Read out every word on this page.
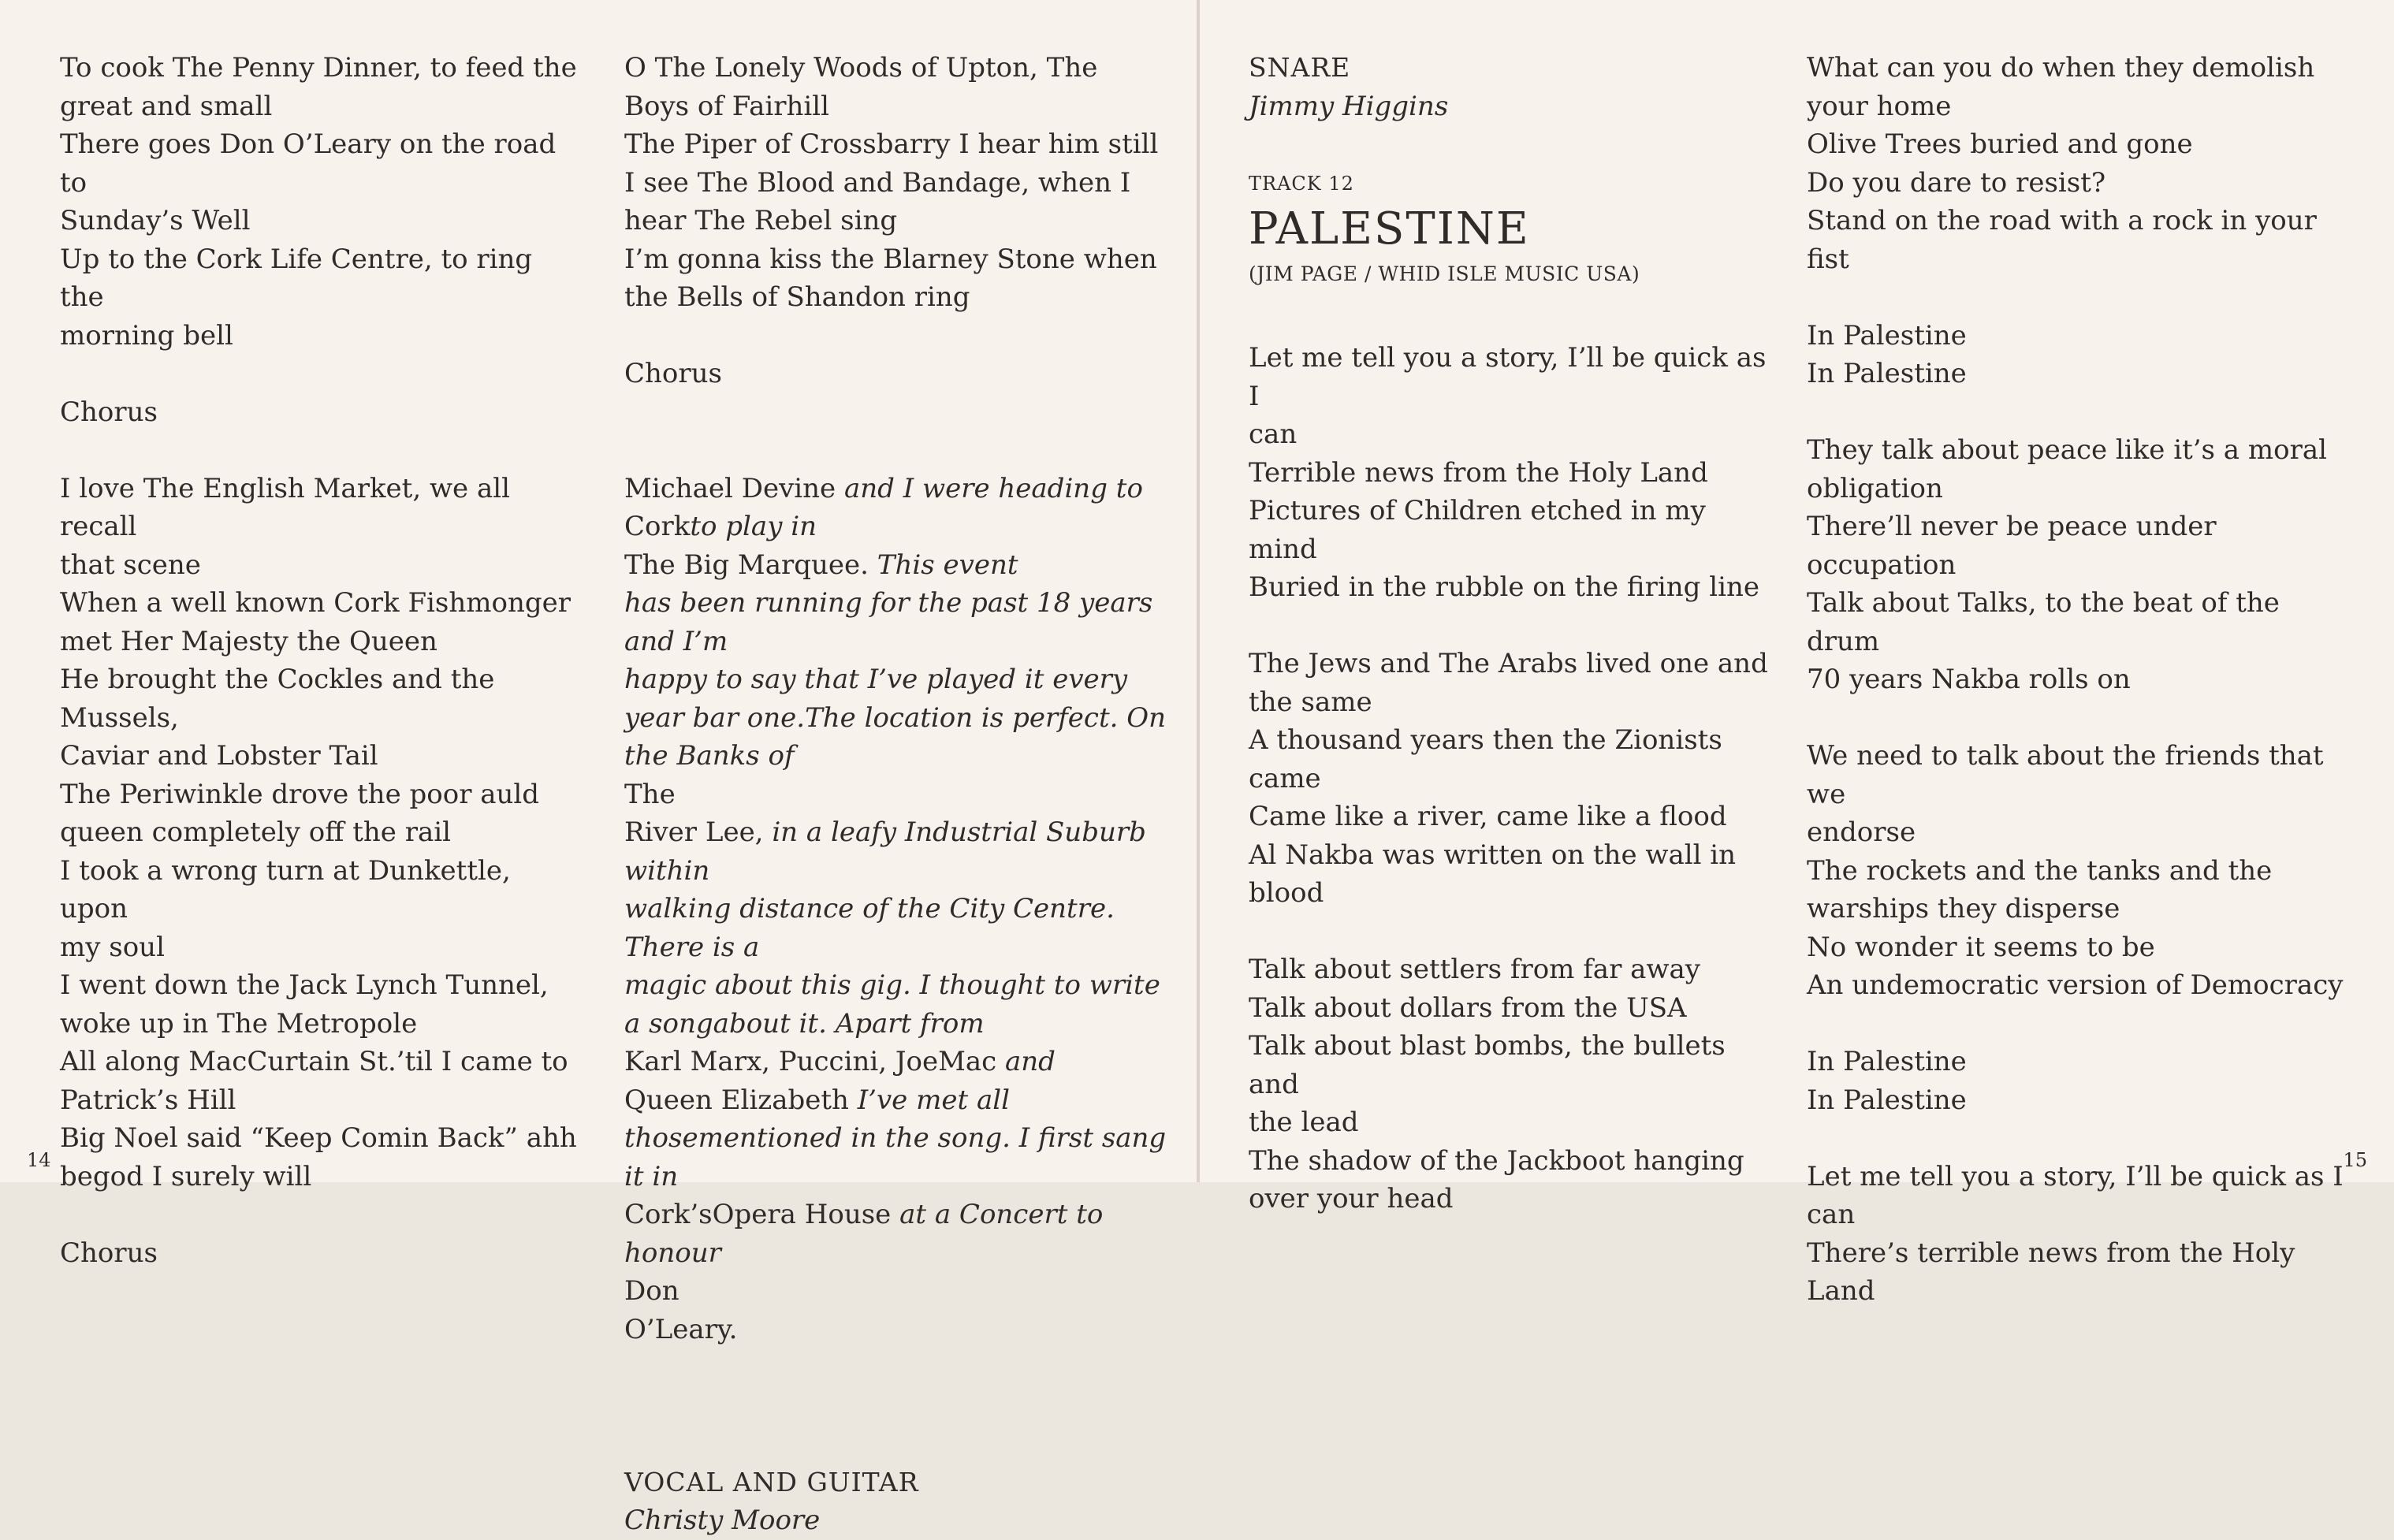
To cook The Penny Dinner, to feed the

great and small

There goes Don O’Leary on the road to

Sunday’s Well

Up to the Cork Life Centre, to ring the

morning bell

Chorus

I love The English Market, we all recall

that scene

When a well known Cork Fishmonger

met Her Majesty the Queen

He brought the Cockles and the Mussels,

Caviar and Lobster Tail

The Periwinkle drove the poor auld

queen completely off the rail

I took a wrong turn at Dunkettle, upon

my soul

I went down the Jack Lynch Tunnel,

woke up in The Metropole

All along MacCurtain St.’til I came to

Patrick’s Hill

Big Noel said “Keep Comin Back” ahh

begod I surely will

Chorus

O The Lonely Woods of Upton, The

Boys of Fairhill

The Piper of Crossbarry I hear him still

I see The Blood and Bandage, when I

hear The Rebel sing

I’m gonna kiss the Blarney Stone when

the Bells of Shandon ring

Chorus

Michael Devine and I were heading to

Corkto play in

The Big Marquee. This event

has been running for the past 18 years and I’m

happy to say that I’ve played it every year bar one.The location is perfect. On the Banks of

The

River Lee, in a leafy Industrial Suburb within

walking distance of the City Centre. There is a

magic about this gig. I thought to write a songabout it. Apart from

Karl Marx, Puccini, JoeMac and

Queen Elizabeth I’ve met all thosementioned in the song. I first sang it in

Cork’sOpera House at a Concert to honour

Don

O’Leary.

VOCAL AND GUITAR

Christy Moore

14

SNARE

Jimmy Higgins

TRACK 12

PALESTINE

(JIM PAGE / WHID ISLE MUSIC USA)

Let me tell you a story, I’ll be quick as I

can

Terrible news from the Holy Land

Pictures of Children etched in my mind

Buried in the rubble on the firing line

The Jews and The Arabs lived one and

the same

A thousand years then the Zionists came

Came like a river, came like a flood

Al Nakba was written on the wall in

blood

Talk about settlers from far away

Talk about dollars from the USA

Talk about blast bombs, the bullets and

the lead

The shadow of the Jackboot hanging

over your head

What can you do when they demolish

your home

Olive Trees buried and gone

Do you dare to resist?

Stand on the road with a rock in your fist

In Palestine

In Palestine

They talk about peace like it’s a moral

obligation

There’ll never be peace under occupation

Talk about Talks, to the beat of the drum

70 years Nakba rolls on

We need to talk about the friends that we

endorse

The rockets and the tanks and the

warships they disperse

No wonder it seems to be

An undemocratic version of Democracy

In Palestine

In Palestine

Let me tell you a story, I’ll be quick as I

can

There’s terrible news from the Holy Land

15
